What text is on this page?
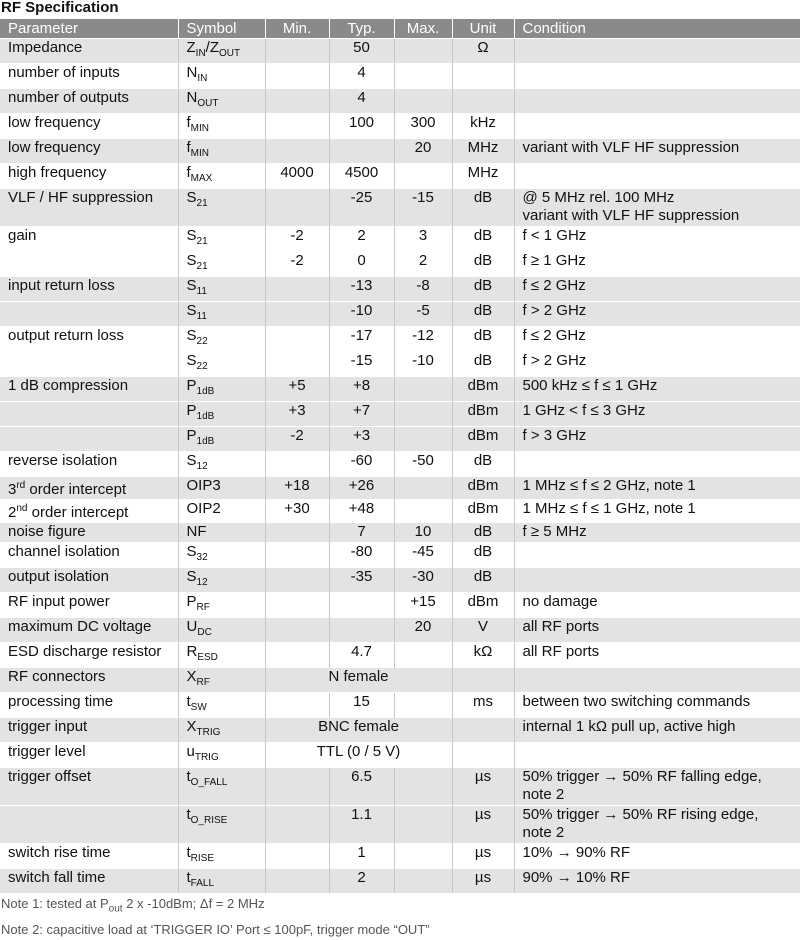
RF Specification
Parameter	Symbol	Min.	Typ.	Max.	Unit	Condition
Impedance	$Z_{IN}/Z_{OUT}$		50		Ω	

number of inputs	$N_{IN}$		4			

number of outputs	$N_{OUT}$		4			

low frequency	$f_{MIN}$		100	300	kHz	

low frequency	$f_{MIN}$			20	MHz	variant with VLF HF suppression

high frequency	$f_{MAX}$	4000	4500		MHz	

VLF / HF suppression	$S_{21}$		-25	-15	dB	@ 5 MHz rel. 100 MHz
variant with VLF HF suppression

gain	$S_{21}$	-2	2	3	dB	f < 1 GHz

	$S_{21}$	-2	0	2	dB	f ≥ 1 GHz

input return loss	$S_{11}$		-13	-8	dB	f ≤ 2 GHz

	$S_{11}$		-10	-5	dB	f > 2 GHz

output return loss	$S_{22}$		-17	-12	dB	f ≤ 2 GHz

	$S_{22}$		-15	-10	dB	f > 2 GHz

1 dB compression	$P_{1dB}$	+5	+8		dBm	500 kHz ≤ f ≤ 1 GHz

	$P_{1dB}$	+3	+7		dBm	1 GHz < f ≤ 3 GHz

	$P_{1dB}$	-2	+3		dBm	f > 3 GHz

reverse isolation	$S_{12}$		-60	-50	dB	

3rd order intercept	OIP3	+18	+26		dBm	1 MHz ≤ f ≤ 2 GHz, note 1

2nd order intercept	OIP2	+30	+48		dBm	1 MHz ≤ f ≤ 1 GHz, note 1

noise figure	NF		7	10	dB	f ≥ 5 MHz

channel isolation	$S_{32}$		-80	-45	dB	

output isolation	$S_{12}$		-35	-30	dB	

RF input power	$P_{RF}$			+15	dBm	no damage

maximum DC voltage	$U_{DC}$			20	V	all RF ports

ESD discharge resistor	$R_{ESD}$		4.7		kΩ	all RF ports

RF connectors	$X_{RF}$	N female				

processing time	$t_{SW}$		15		ms	between two switching commands

trigger input	$X_{TRIG}$	BNC female				internal 1 kΩ pull up, active high

trigger level	$u_{TRIG}$	TTL (0 / 5 V)				

trigger offset	$t_{O\_FALL}$		6.5		µs	50% trigger → 50% RF falling edge,
note 2

	$t_{O\_RISE}$		1.1		µs	50% trigger → 50% RF rising edge,
note 2

switch rise time	$t_{RISE}$		1		µs	10% → 90% RF

switch fall time	$t_{FALL}$		2		µs	90% → 10% RF
Note 1: tested at $P_{out}$ 2 x -10dBm; Δf = 2 MHz
Note 2: capacitive load at ‘TRIGGER IO’ Port ≤ 100pF, trigger mode “OUT”
